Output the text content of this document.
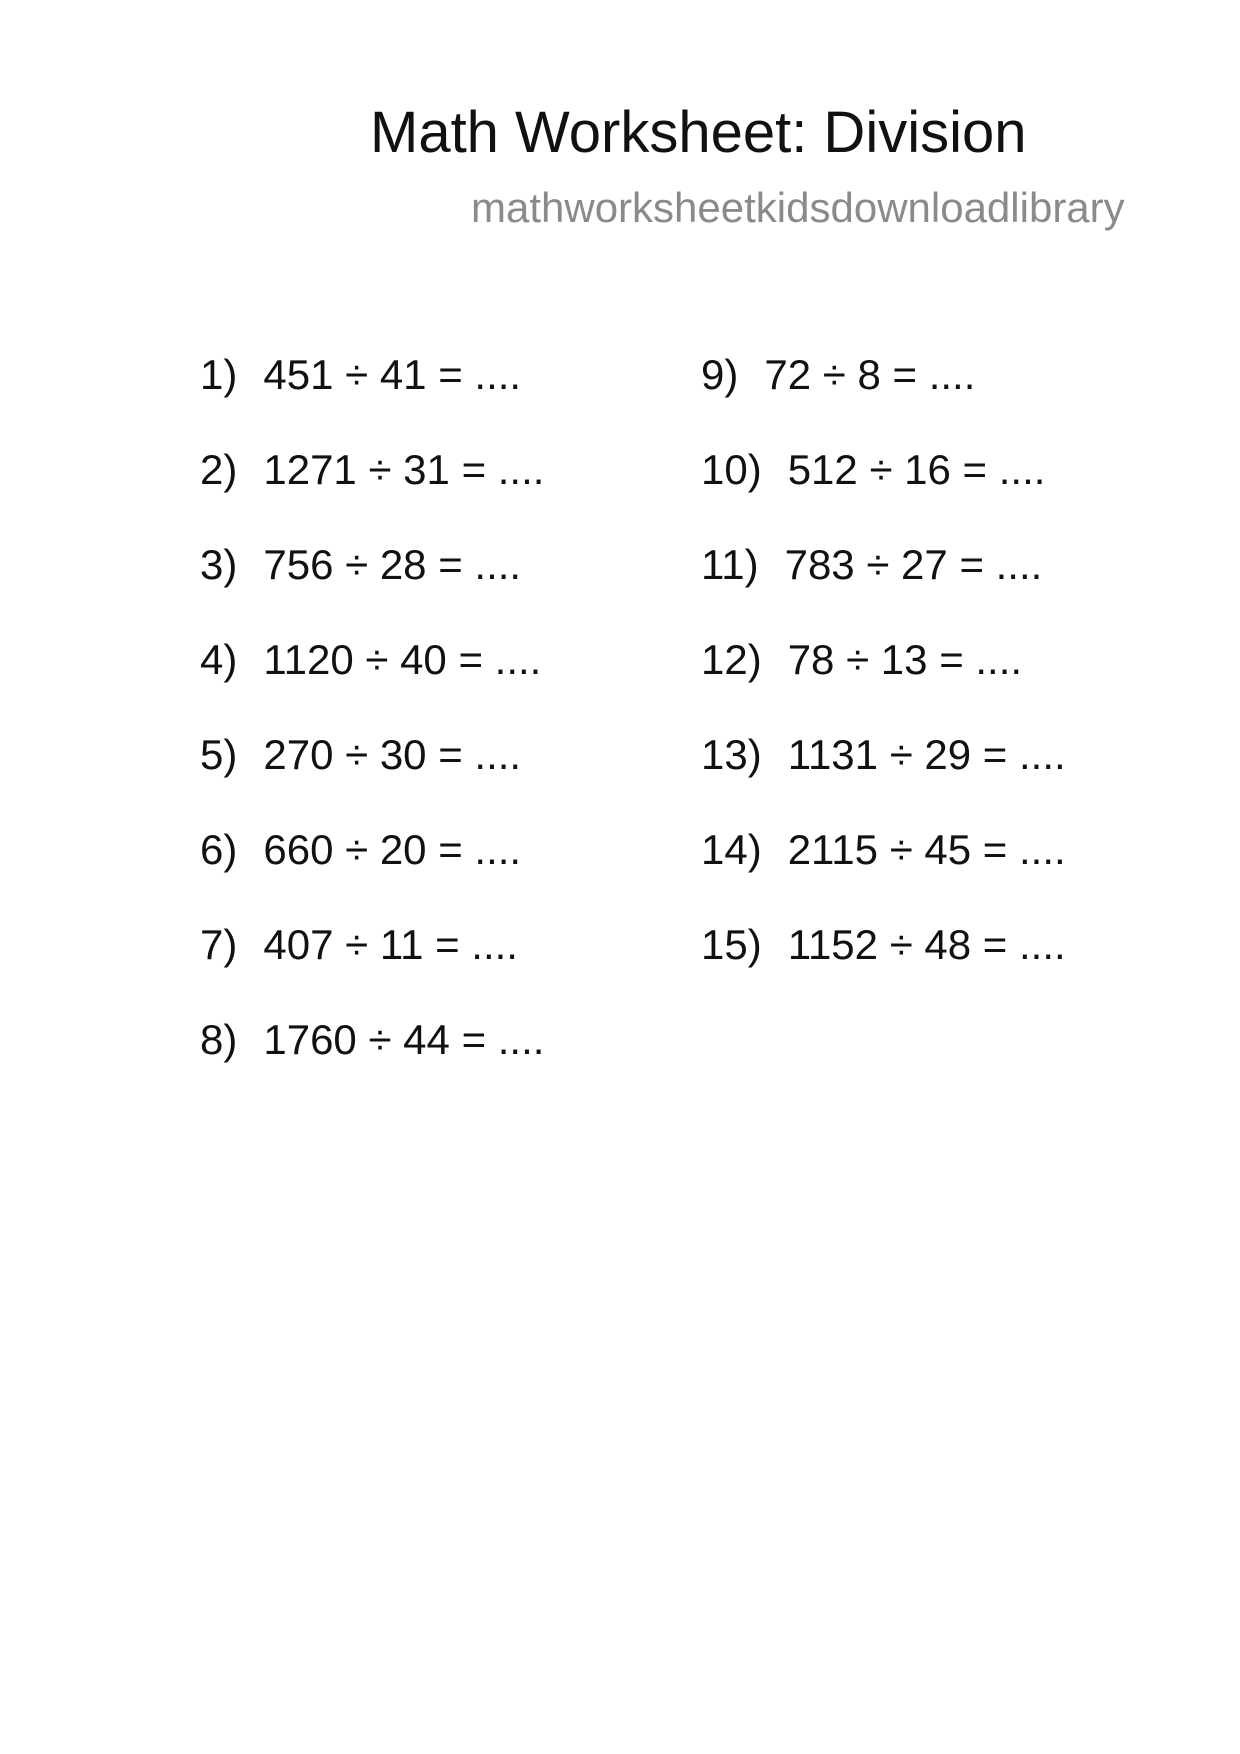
Math Worksheet: Division
mathworksheetkidsdownloadlibrary
1) 451 ÷ 41 = ....
2) 1271 ÷ 31 = ....
3) 756 ÷ 28 = ....
4) 1120 ÷ 40 = ....
5) 270 ÷ 30 = ....
6) 660 ÷ 20 = ....
7) 407 ÷ 11 = ....
8) 1760 ÷ 44 = ....
9) 72 ÷ 8 = ....
10) 512 ÷ 16 = ....
11) 783 ÷ 27 = ....
12) 78 ÷ 13 = ....
13) 1131 ÷ 29 = ....
14) 2115 ÷ 45 = ....
15) 1152 ÷ 48 = ....
